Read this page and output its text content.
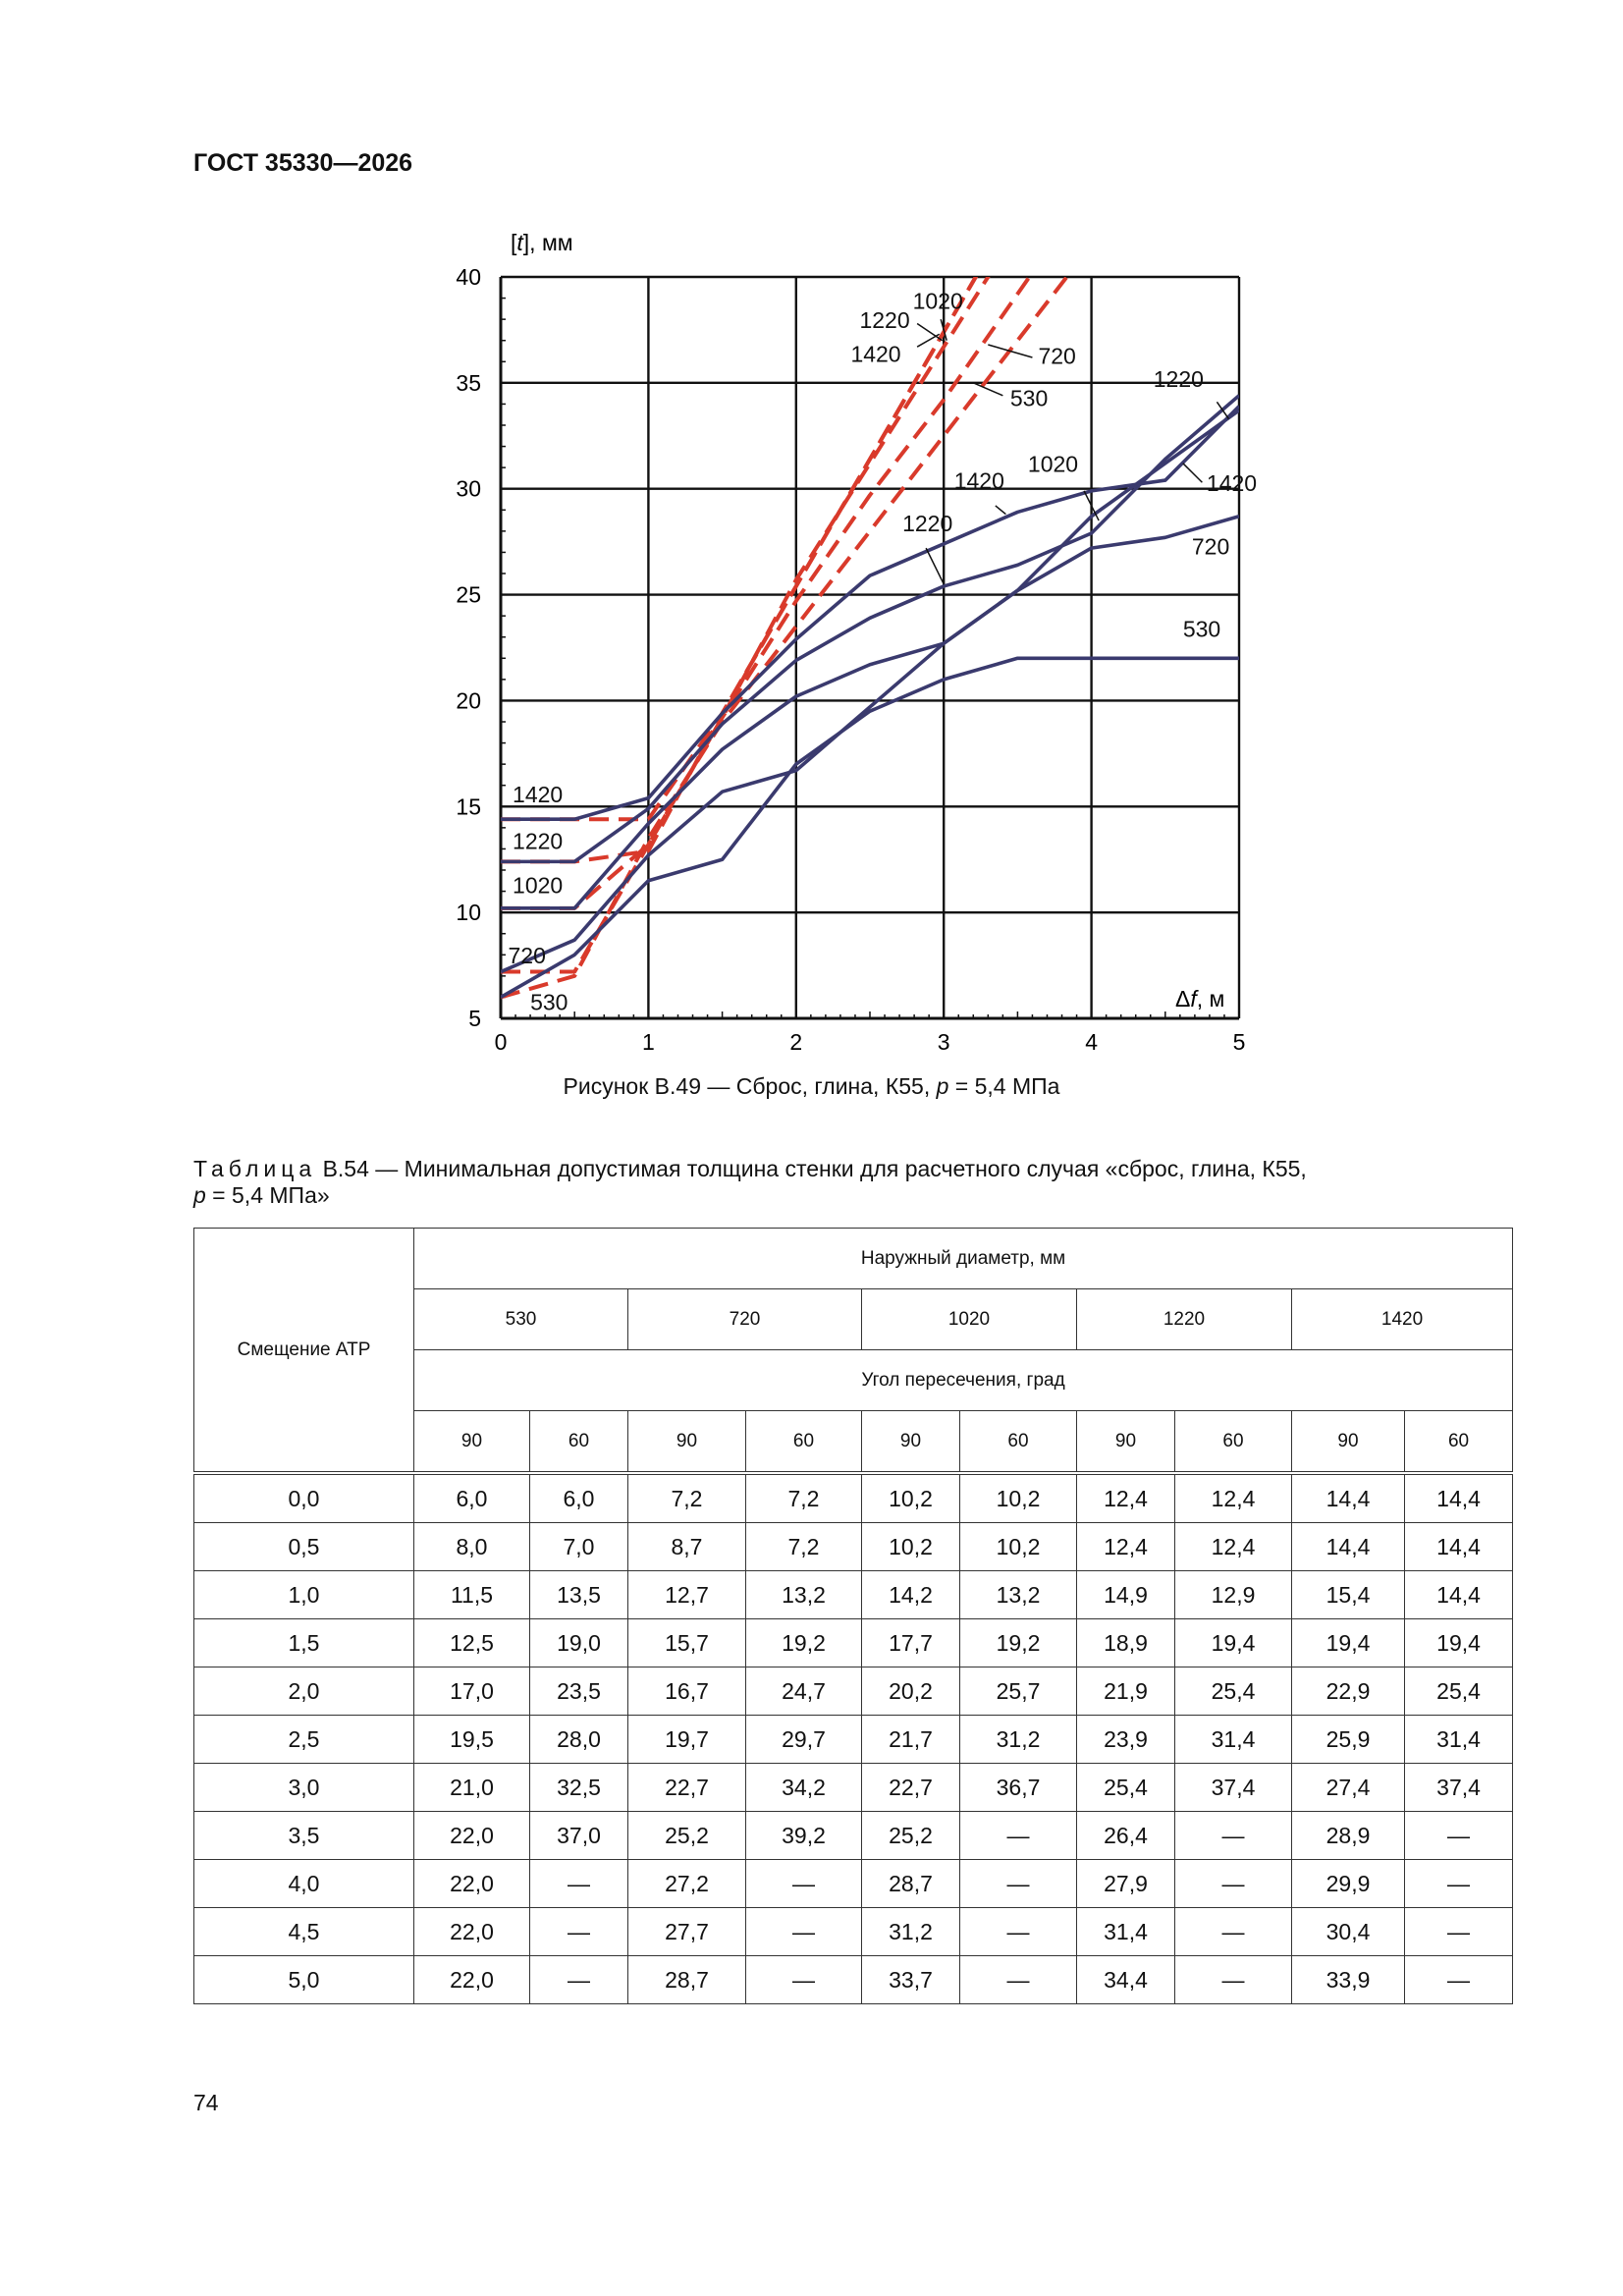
ГОСТ 35330—2026
0	1	2	3	4	5
5
10
15
20
25
30
35
40
1420
1220
1020
720
530
1420
1220
1020
720
530
1420
1020
1220
1220
1420
720
530
[t], мм
Δf, м
Рисунок В.49 — Сброс, глина, К55, p = 5,4 МПа
Таблица В.54 — Минимальная допустимая толщина стенки для расчетного случая «сброс, глина, К55,
p = 5,4 МПа»
Смещение АТР	Наружный диаметр, мм									
	530		720		1020		1220		1420	
	Угол пересечения, град									
	90	60	90	60	90	60	90	60	90	60
0,0	6,0	6,0	7,2	7,2	10,2	10,2	12,4	12,4	14,4	14,4
0,5	8,0	7,0	8,7	7,2	10,2	10,2	12,4	12,4	14,4	14,4
1,0	11,5	13,5	12,7	13,2	14,2	13,2	14,9	12,9	15,4	14,4
1,5	12,5	19,0	15,7	19,2	17,7	19,2	18,9	19,4	19,4	19,4
2,0	17,0	23,5	16,7	24,7	20,2	25,7	21,9	25,4	22,9	25,4
2,5	19,5	28,0	19,7	29,7	21,7	31,2	23,9	31,4	25,9	31,4
3,0	21,0	32,5	22,7	34,2	22,7	36,7	25,4	37,4	27,4	37,4
3,5	22,0	37,0	25,2	39,2	25,2	—	26,4	—	28,9	—
4,0	22,0	—	27,2	—	28,7	—	27,9	—	29,9	—
4,5	22,0	—	27,7	—	31,2	—	31,4	—	30,4	—
5,0	22,0	—	28,7	—	33,7	—	34,4	—	33,9	—
74
